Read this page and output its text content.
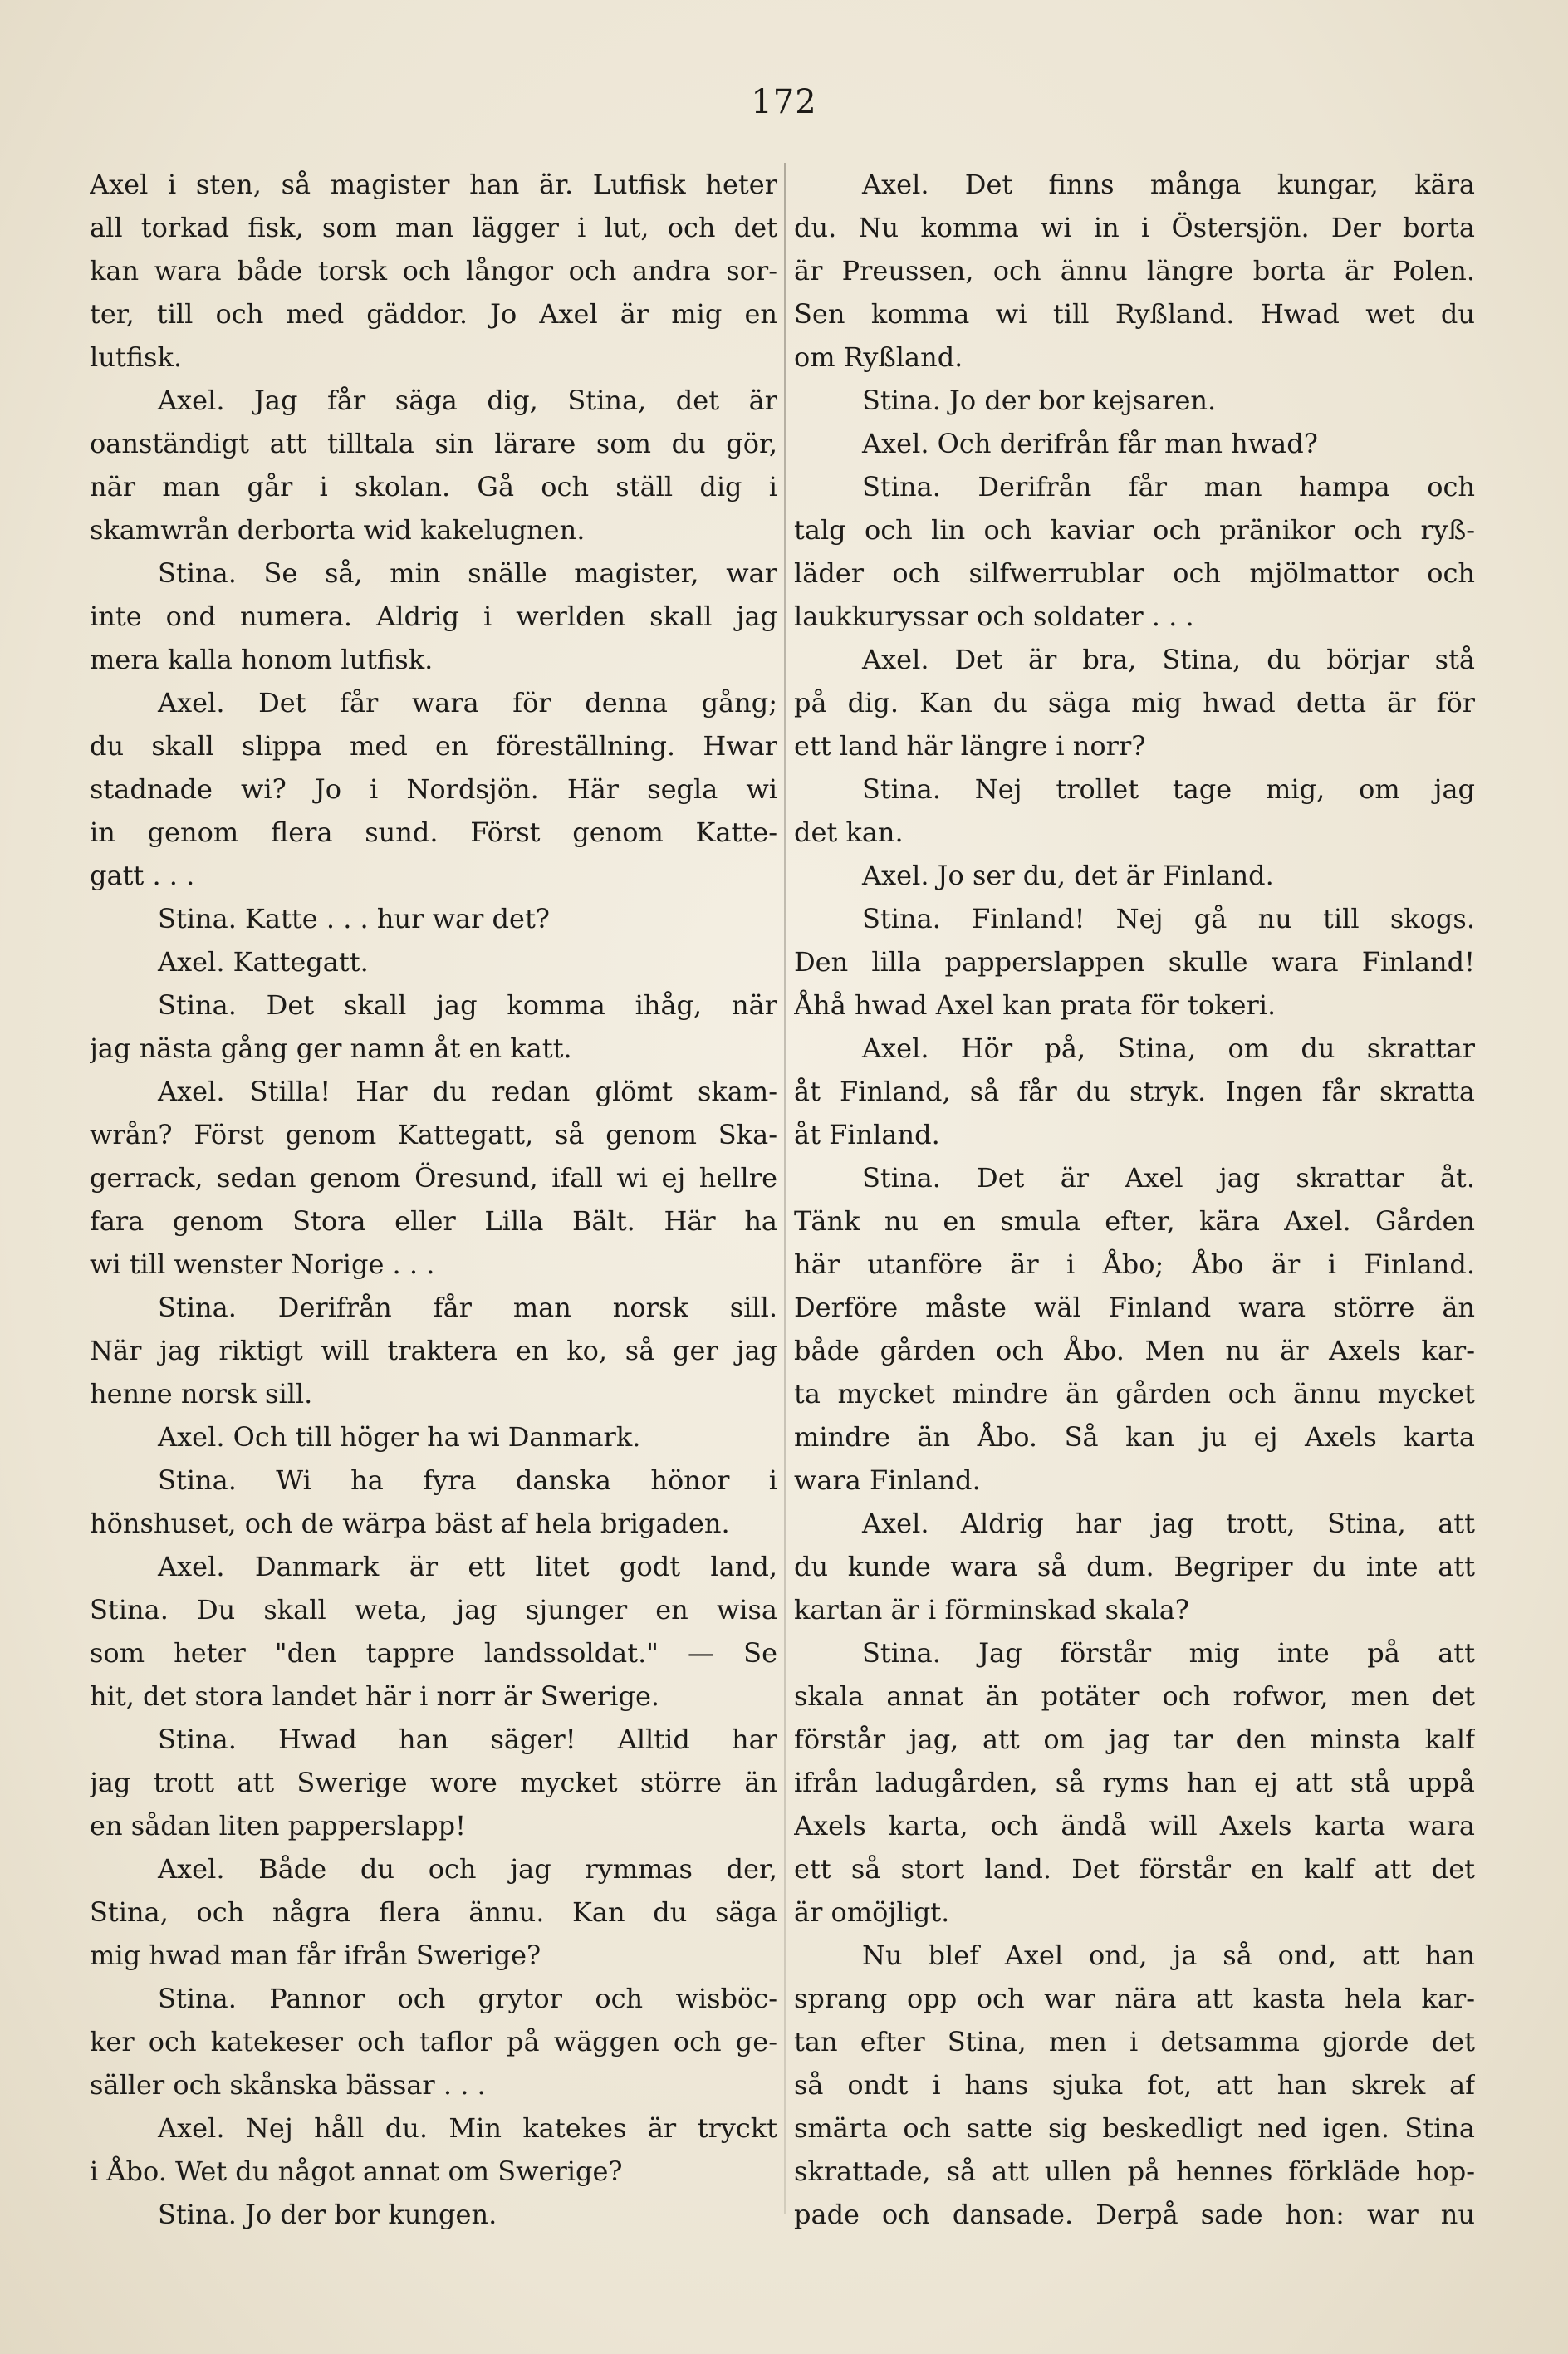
172
Axel i sten, så magister han är. Lutfisk heter
all torkad fisk, som man lägger i lut, och det
kan wara både torsk och långor och andra sor-
ter, till och med gäddor. Jo Axel är mig en
lutfisk.
Axel. Jag får säga dig, Stina, det är
oanständigt att tilltala sin lärare som du gör,
när man går i skolan. Gå och ställ dig i
skamwrån derborta wid kakelugnen.
Stina. Se så, min snälle magister, war
inte ond numera. Aldrig i werlden skall jag
mera kalla honom lutfisk.
Axel. Det får wara för denna gång;
du skall slippa med en föreställning. Hwar
stadnade wi? Jo i Nordsjön. Här segla wi
in genom flera sund. Först genom Katte-
gatt . . .
Stina. Katte . . . hur war det?
Axel. Kattegatt.
Stina. Det skall jag komma ihåg, när
jag nästa gång ger namn åt en katt.
Axel. Stilla! Har du redan glömt skam-
wrån? Först genom Kattegatt, så genom Ska-
gerrack, sedan genom Öresund, ifall wi ej hellre
fara genom Stora eller Lilla Bält. Här ha
wi till wenster Norige . . .
Stina. Derifrån får man norsk sill.
När jag riktigt will traktera en ko, så ger jag
henne norsk sill.
Axel. Och till höger ha wi Danmark.
Stina. Wi ha fyra danska hönor i
hönshuset, och de wärpa bäst af hela brigaden.
Axel. Danmark är ett litet godt land,
Stina. Du skall weta, jag sjunger en wisa
som heter "den tappre landssoldat." — Se
hit, det stora landet här i norr är Swerige.
Stina. Hwad han säger! Alltid har
jag trott att Swerige wore mycket större än
en sådan liten papperslapp!
Axel. Både du och jag rymmas der,
Stina, och några flera ännu. Kan du säga
mig hwad man får ifrån Swerige?
Stina. Pannor och grytor och wisböc-
ker och katekeser och taflor på wäggen och ge-
säller och skånska bässar . . .
Axel. Nej håll du. Min katekes är tryckt
i Åbo. Wet du något annat om Swerige?
Stina. Jo der bor kungen.
Axel. Det finns många kungar, kära
du. Nu komma wi in i Östersjön. Der borta
är Preussen, och ännu längre borta är Polen.
Sen komma wi till Ryßland. Hwad wet du
om Ryßland.
Stina. Jo der bor kejsaren.
Axel. Och derifrån får man hwad?
Stina. Derifrån får man hampa och
talg och lin och kaviar och pränikor och ryß-
läder och silfwerrublar och mjölmattor och
laukkuryssar och soldater . . .
Axel. Det är bra, Stina, du börjar stå
på dig. Kan du säga mig hwad detta är för
ett land här längre i norr?
Stina. Nej trollet tage mig, om jag
det kan.
Axel. Jo ser du, det är Finland.
Stina. Finland! Nej gå nu till skogs.
Den lilla papperslappen skulle wara Finland!
Åhå hwad Axel kan prata för tokeri.
Axel. Hör på, Stina, om du skrattar
åt Finland, så får du stryk. Ingen får skratta
åt Finland.
Stina. Det är Axel jag skrattar åt.
Tänk nu en smula efter, kära Axel. Gården
här utanföre är i Åbo; Åbo är i Finland.
Derföre måste wäl Finland wara större än
både gården och Åbo. Men nu är Axels kar-
ta mycket mindre än gården och ännu mycket
mindre än Åbo. Så kan ju ej Axels karta
wara Finland.
Axel. Aldrig har jag trott, Stina, att
du kunde wara så dum. Begriper du inte att
kartan är i förminskad skala?
Stina. Jag förstår mig inte på att
skala annat än potäter och rofwor, men det
förstår jag, att om jag tar den minsta kalf
ifrån ladugården, så ryms han ej att stå uppå
Axels karta, och ändå will Axels karta wara
ett så stort land. Det förstår en kalf att det
är omöjligt.
Nu blef Axel ond, ja så ond, att han
sprang opp och war nära att kasta hela kar-
tan efter Stina, men i detsamma gjorde det
så ondt i hans sjuka fot, att han skrek af
smärta och satte sig beskedligt ned igen. Stina
skrattade, så att ullen på hennes förkläde hop-
pade och dansade. Derpå sade hon: war nu
